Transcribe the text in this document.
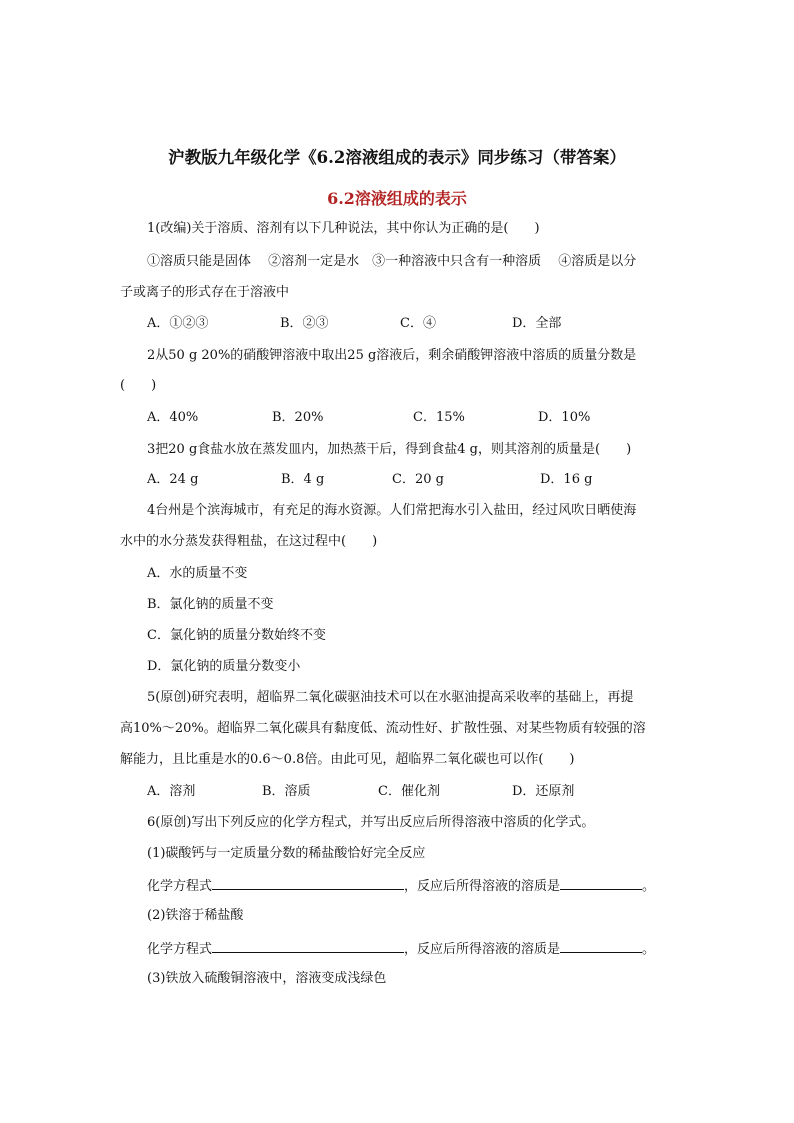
沪教版九年级化学《6.2溶液组成的表示》同步练习（带答案）
6.2溶液组成的表示
1(改编)关于溶质、溶剂有以下几种说法，其中你认为正确的是(　　)
①溶质只能是固体　 ②溶剂一定是水　③一种溶液中只含有一种溶质　 ④溶质是以分
子或离子的形式存在于溶液中
A．①②③	B．②③	C．④	D．全部
2从50 g 20%的硝酸钾溶液中取出25 g溶液后，剩余硝酸钾溶液中溶质的质量分数是
(　　)
A．40%	B．20%	C．15%	D．10%
3把20 g食盐水放在蒸发皿内，加热蒸干后，得到食盐4 g，则其溶剂的质量是(　　)
A．24 g	B．4 g	C．20 g	D．16 g
4台州是个滨海城市，有充足的海水资源。人们常把海水引入盐田，经过风吹日晒使海
水中的水分蒸发获得粗盐，在这过程中(　　)
A．水的质量不变
B．氯化钠的质量不变
C．氯化钠的质量分数始终不变
D．氯化钠的质量分数变小
5(原创)研究表明，超临界二氧化碳驱油技术可以在水驱油提高采收率的基础上，再提
高10%～20%。超临界二氧化碳具有黏度低、流动性好、扩散性强、对某些物质有较强的溶
解能力，且比重是水的0.6～0.8倍。由此可见，超临界二氧化碳也可以作(　　)
A．溶剂	B．溶质	C．催化剂	D．还原剂
6(原创)写出下列反应的化学方程式，并写出反应后所得溶液中溶质的化学式。
(1)碳酸钙与一定质量分数的稀盐酸恰好完全反应
化学方程式	，反应后所得溶液的溶质是	。
(2)铁溶于稀盐酸
化学方程式	，反应后所得溶液的溶质是	。
(3)铁放入硫酸铜溶液中，溶液变成浅绿色
